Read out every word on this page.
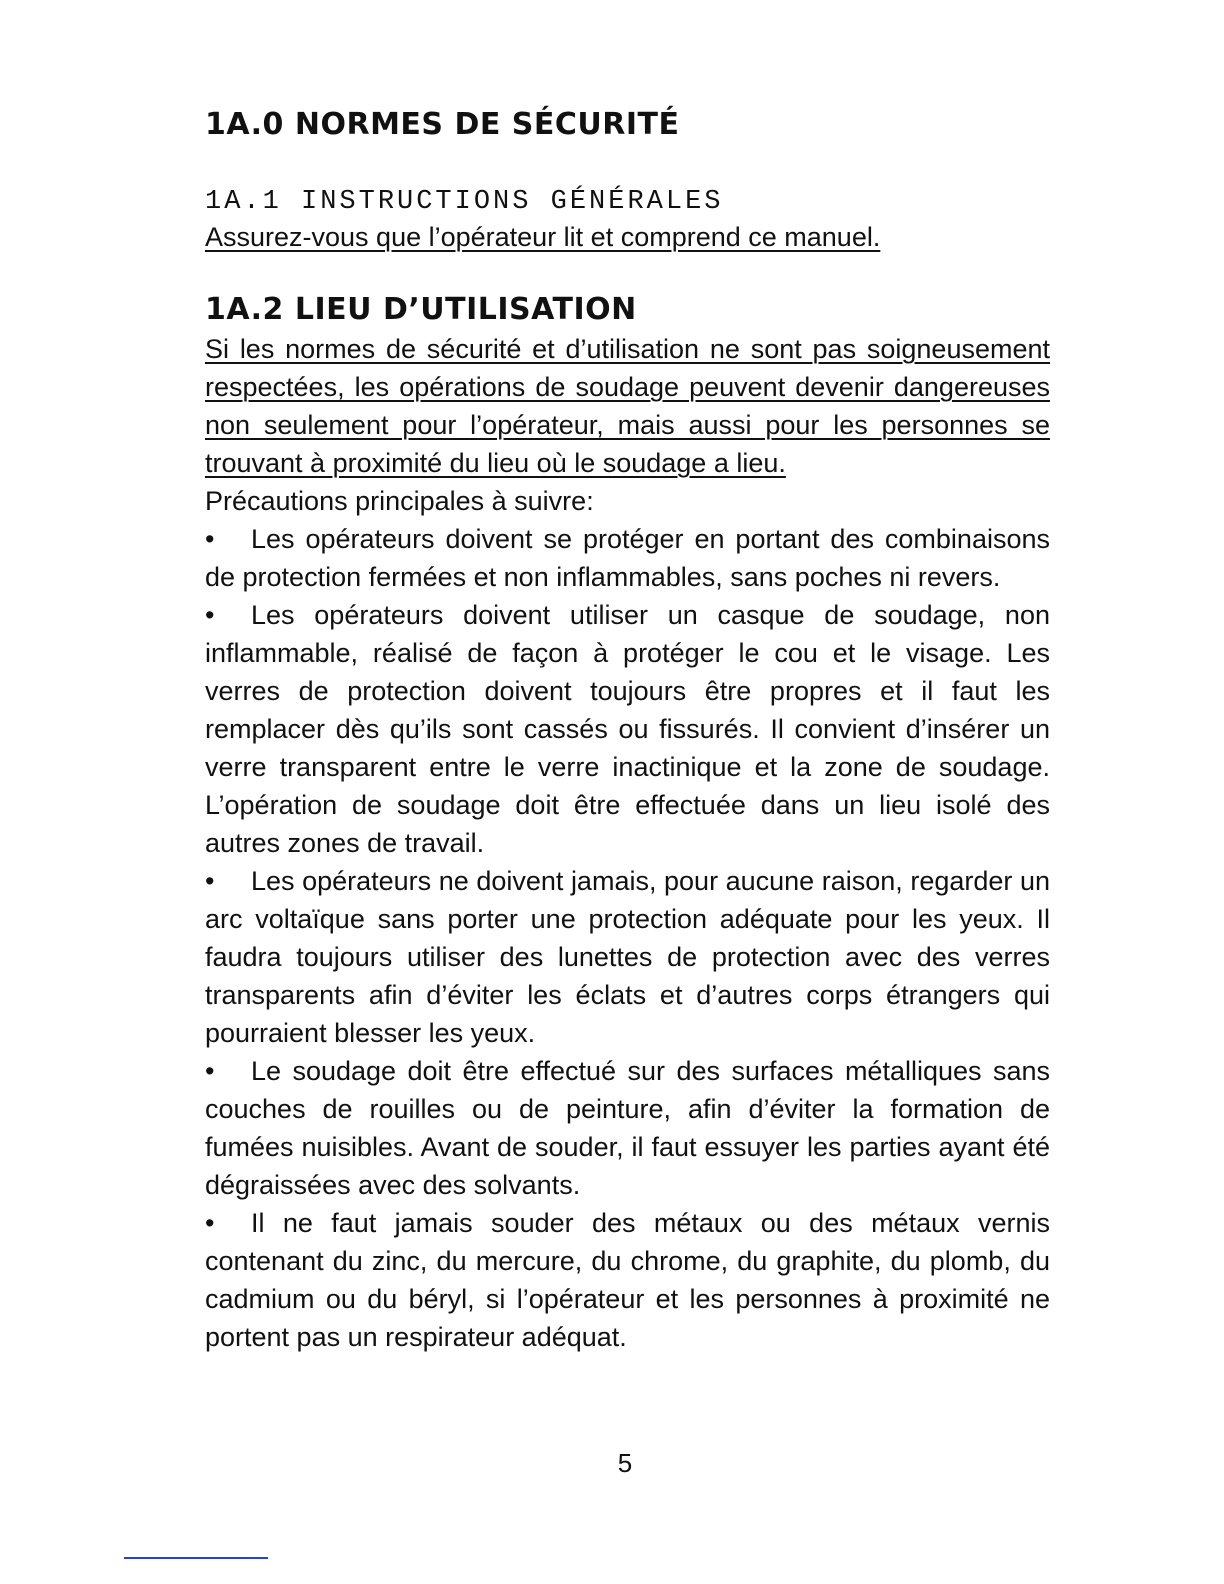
1A.0 NORMES DE SÉCURITÉ
1A.1 INSTRUCTIONS GÉNÉRALES

Assurez-vous que l’opérateur lit et comprend ce manuel.

1A.2 LIEU D’UTILISATION

Si les normes de sécurité et d’utilisation ne sont pas soigneusement respectées, les opérations de soudage peuvent devenir dangereuses non seulement pour l’opérateur, mais aussi pour les personnes se trouvant à proximité du lieu où le soudage a lieu.

Précautions principales à suivre:

• Les opérateurs doivent se protéger en portant des combinaisons de protection fermées et non inflammables, sans poches ni revers.
• Les opérateurs doivent utiliser un casque de soudage, non inflammable, réalisé de façon à protéger le cou et le visage. Les verres de protection doivent toujours être propres et il faut les remplacer dès qu’ils sont cassés ou fissurés. Il convient d’insérer un verre transparent entre le verre inactinique et la zone de soudage. L’opération de soudage doit être effectuée dans un lieu isolé des autres zones de travail.
• Les opérateurs ne doivent jamais, pour aucune raison, regarder un arc voltaïque sans porter une protection adéquate pour les yeux. Il faudra toujours utiliser des lunettes de protection avec des verres transparents afin d’éviter les éclats et d’autres corps étrangers qui pourraient blesser les yeux.
• Le soudage doit être effectué sur des surfaces métalliques sans couches de rouilles ou de peinture, afin d’éviter la formation de fumées nuisibles. Avant de souder, il faut essuyer les parties ayant été dégraissées avec des solvants.
• Il ne faut jamais souder des métaux ou des métaux vernis contenant du zinc, du mercure, du chrome, du graphite, du plomb, du cadmium ou du béryl, si l’opérateur et les personnes à proximité ne portent pas un respirateur adéquat.
5
